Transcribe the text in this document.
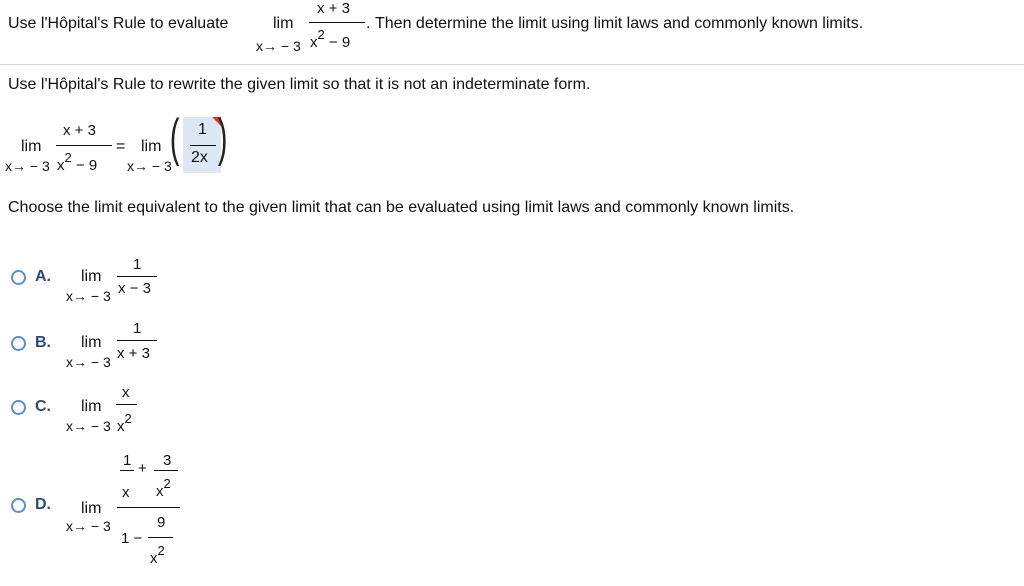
Use l'Hôpital's Rule to evaluate	lim
x + 3
$x^2 - 9$
x→ − 3
. Then determine the limit using limit laws and commonly known limits.
Use l'Hôpital's Rule to rewrite the given limit so that it is not an indeterminate form.
lim
x + 3
$x^2 - 9$
x→ − 3
= lim
x→ − 3
( 1
2x )
Choose the limit equivalent to the given limit that can be evaluated using limit laws and commonly known limits.
A. lim
x→ − 3
1
x − 3
B. lim
x→ − 3
1
x + 3
C. lim
x→ − 3
x
$x^2$
D. lim
x→ − 3
1
x
+ 3
$x^2$
1 −
9
$x^2$
